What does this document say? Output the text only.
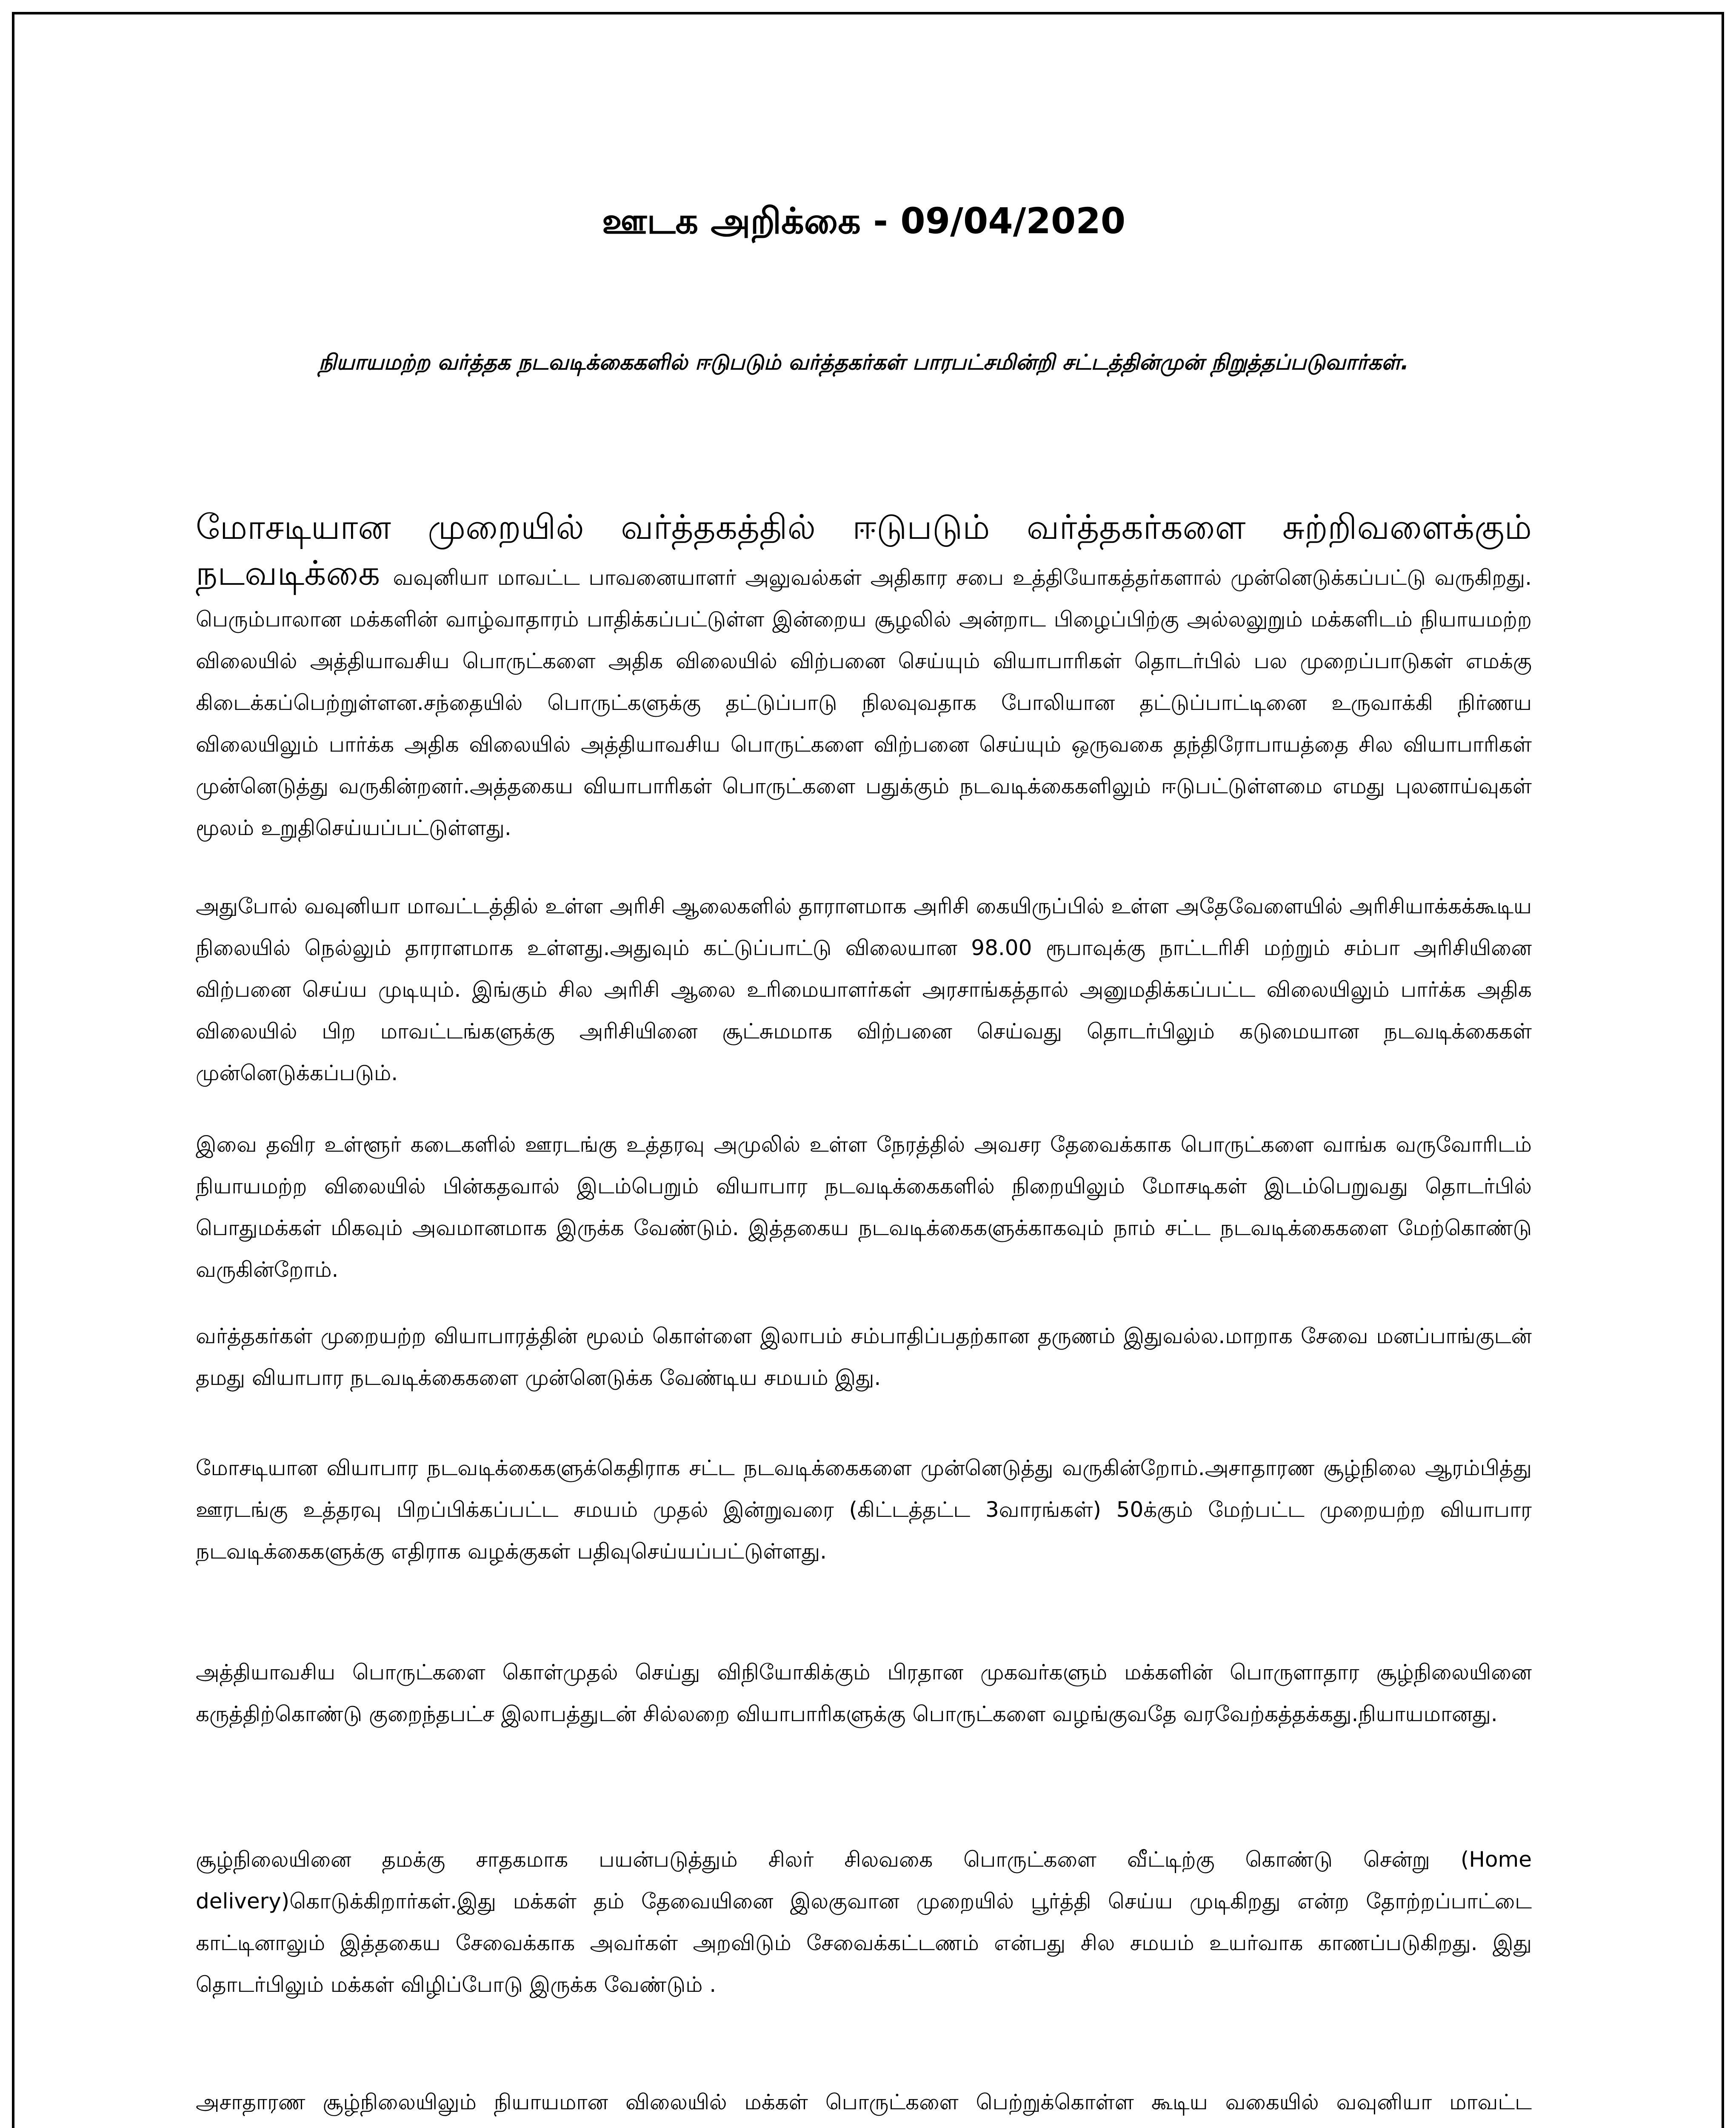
ஊடக அறிக்கை - 09/04/2020
நியாயமற்ற வர்த்தக நடவடிக்கைகளில் ஈடுபடும் வர்த்தகர்கள் பாரபட்சமின்றி சட்டத்தின்முன் நிறுத்தப்படுவார்கள்.

மோசடியான முறையில் வர்த்தகத்தில் ஈடுபடும் வர்த்தகர்களை சுற்றிவளைக்கும் நடவடிக்கை வவுனியா மாவட்ட பாவனையாளர் அலுவல்கள் அதிகார சபை உத்தியோகத்தர்களால் முன்னெடுக்கப்பட்டு வருகிறது. பெரும்பாலான மக்களின் வாழ்வாதாரம் பாதிக்கப்பட்டுள்ள இன்றைய சூழலில் அன்றாட பிழைப்பிற்கு அல்லலுறும் மக்களிடம் நியாயமற்ற விலையில் அத்தியாவசிய பொருட்களை அதிக விலையில் விற்பனை செய்யும் வியாபாரிகள் தொடர்பில் பல முறைப்பாடுகள் எமக்கு கிடைக்கப்பெற்றுள்ளன.சந்தையில் பொருட்களுக்கு தட்டுப்பாடு நிலவுவதாக போலியான தட்டுப்பாட்டினை உருவாக்கி நிர்ணய விலையிலும் பார்க்க அதிக விலையில் அத்தியாவசிய பொருட்களை விற்பனை செய்யும் ஒருவகை தந்திரோபாயத்தை சில வியாபாரிகள் முன்னெடுத்து வருகின்றனர்.அத்தகைய வியாபாரிகள் பொருட்களை பதுக்கும் நடவடிக்கைகளிலும் ஈடுபட்டுள்ளமை எமது புலனாய்வுகள் மூலம் உறுதிசெய்யப்பட்டுள்ளது.

அதுபோல் வவுனியா மாவட்டத்தில் உள்ள அரிசி ஆலைகளில் தாராளமாக அரிசி கையிருப்பில் உள்ள அதேவேளையில் அரிசியாக்கக்கூடிய நிலையில் நெல்லும் தாராளமாக உள்ளது.அதுவும் கட்டுப்பாட்டு விலையான 98.00 ரூபாவுக்கு நாட்டரிசி மற்றும் சம்பா அரிசியினை விற்பனை செய்ய முடியும். இங்கும் சில அரிசி ஆலை உரிமையாளர்கள் அரசாங்கத்தால் அனுமதிக்கப்பட்ட விலையிலும் பார்க்க அதிக விலையில் பிற மாவட்டங்களுக்கு அரிசியினை சூட்சுமமாக விற்பனை செய்வது தொடர்பிலும் கடுமையான நடவடிக்கைகள் முன்னெடுக்கப்படும்.

இவை தவிர உள்ளூர் கடைகளில் ஊரடங்கு உத்தரவு அமுலில் உள்ள நேரத்தில் அவசர தேவைக்காக பொருட்களை வாங்க வருவோரிடம் நியாயமற்ற விலையில் பின்கதவால் இடம்பெறும் வியாபார நடவடிக்கைகளில் நிறையிலும் மோசடிகள் இடம்பெறுவது தொடர்பில் பொதுமக்கள் மிகவும் அவமானமாக இருக்க வேண்டும். இத்தகைய நடவடிக்கைகளுக்காகவும் நாம் சட்ட நடவடிக்கைகளை மேற்கொண்டு வருகின்றோம்.

வர்த்தகர்கள் முறையற்ற வியாபாரத்தின் மூலம் கொள்ளை இலாபம் சம்பாதிப்பதற்கான தருணம் இதுவல்ல.மாறாக சேவை மனப்பாங்குடன் தமது வியாபார நடவடிக்கைகளை முன்னெடுக்க வேண்டிய சமயம் இது.

மோசடியான வியாபார நடவடிக்கைகளுக்கெதிராக சட்ட நடவடிக்கைகளை முன்னெடுத்து வருகின்றோம்.அசாதாரண சூழ்நிலை ஆரம்பித்து ஊரடங்கு உத்தரவு பிறப்பிக்கப்பட்ட சமயம் முதல் இன்றுவரை (கிட்டத்தட்ட 3வாரங்கள்) 50க்கும் மேற்பட்ட முறையற்ற வியாபார நடவடிக்கைகளுக்கு எதிராக வழக்குகள் பதிவுசெய்யப்பட்டுள்ளது.

அத்தியாவசிய பொருட்களை கொள்முதல் செய்து விநியோகிக்கும் பிரதான முகவர்களும் மக்களின் பொருளாதார சூழ்நிலையினை கருத்திற்கொண்டு குறைந்தபட்ச இலாபத்துடன் சில்லறை வியாபாரிகளுக்கு பொருட்களை வழங்குவதே வரவேற்கத்தக்கது.நியாயமானது.

சூழ்நிலையினை தமக்கு சாதகமாக பயன்படுத்தும் சிலர் சிலவகை பொருட்களை வீட்டிற்கு கொண்டு சென்று (Home delivery)கொடுக்கிறார்கள்.இது மக்கள் தம் தேவையினை இலகுவான முறையில் பூர்த்தி செய்ய முடிகிறது என்ற தோற்றப்பாட்டை காட்டினாலும் இத்தகைய சேவைக்காக அவர்கள் அறவிடும் சேவைக்கட்டணம் என்பது சில சமயம் உயர்வாக காணப்படுகிறது. இது தொடர்பிலும் மக்கள் விழிப்போடு இருக்க வேண்டும் .

அசாதாரண சூழ்நிலையிலும் நியாயமான விலையில் மக்கள் பொருட்களை பெற்றுக்கொள்ள கூடிய வகையில் வவுனியா மாவட்ட
